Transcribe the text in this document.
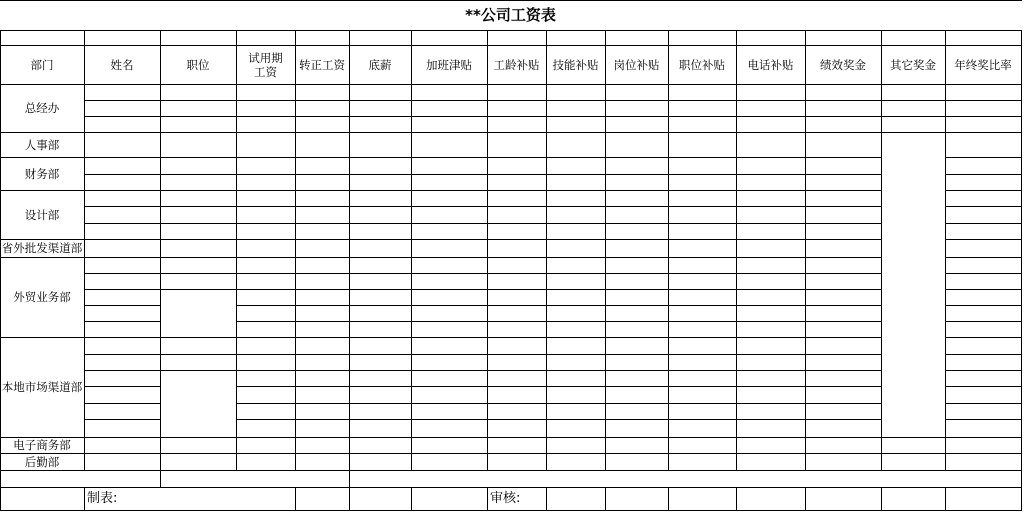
**公司工资表
部门	姓名	职位	试用期工资	转正工资	底薪	加班津贴	工龄补贴	技能补贴	岗位补贴	职位补贴	电话补贴	绩效奖金	其它奖金	年终奖比率
总经办
人事部
财务部
设计部
省外批发渠道部
外贸业务部
本地市场渠道部
电子商务部
后勤部
制表:	审核:
